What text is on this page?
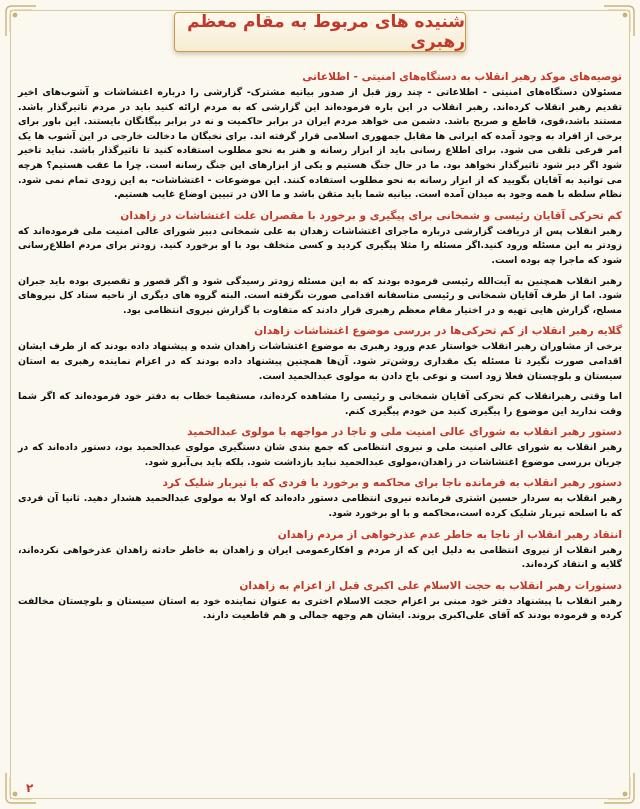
شنیده های مربوط به مقام معظم رهبری
توصیه‌های موکد رهبر انقلاب به دستگاه‌های امنیتی - اطلاعاتی
مسئولان دستگاه‌های امنیتی - اطلاعاتی - چند روز قبل از صدور بیانیه مشترک- گزارشی را درباره اغتشاشات و آشوب‌های اخیر تقدیم رهبر انقلاب کرده‌اند. رهبر انقلاب در این باره فرموده‌اند این گزارشی که به مردم ارائه کنید باید در مردم تاثیرگذار باشد. مستند باشد،قوی، قاطع و صریح باشد. دشمن می خواهد مردم ایران در برابر حاکمیت و نه در برابر بیگانگان بایستند. این باور برای برخی از افراد به وجود آمده که ایرانی ها مقابل جمهوری اسلامی قرار گرفته اند. برای نخبگان ما دخالت خارجی در این آشوب ها یک امر فرعی تلقی می شود. برای اطلاع رسانی باید از ابزار رسانه و هنر به نحو مطلوب استفاده کنید تا تاثیرگذار باشد. نباید تاخیر شود اگر دیر شود تاثیرگذار نخواهد بود. ما در حال جنگ هستیم و یکی از ابزارهای این جنگ رسانه است. چرا ما عقب هستیم؟ هرچه می توانید به آقایان بگویید که از ابزار رسانه به نحو مطلوب استفاده کنند. این موضوعات - اغتشاشات- به این زودی تمام نمی شود. نظام سلطه با همه وجود به میدان آمده است. بیانیه شما باید متقن باشد و ما الان در تبیین اوضاع غایب هستیم.
کم تحرکی آقایان رئیسی و شمخانی برای پیگیری و برخورد با مقصران علت اغتشاشات در زاهدان
رهبر انقلاب پس از دریافت گزارشی درباره ماجرای اغتشاشات زهدان به علی شمخانی دبیر شورای عالی امنیت ملی فرموده‌اند که زودتر به این مسئله ورود کنید.اگر مسئله را مثلا پیگیری کردید و کسی متخلف بود با او برخورد کنید. زودتر برای مردم اطلاع‌رسانی شود که ماجرا چه بوده است.
رهبر انقلاب همچنین به آیت‌الله رئیسی فرموده بودند که به این مسئله زودتر رسیدگی شود و اگر قصور و تقصیری بوده باید جبران شود. اما از طرف آقایان شمخانی و رئیسی متاسفانه اقدامی صورت نگرفته است. البته گروه های دیگری از ناحیه ستاد کل نیروهای مسلح، گزارش هایی تهیه و در اختیار مقام معظم رهبری قرار دادند که متفاوت با گزارش نیروی انتظامی بود.
گلایه رهبر انقلاب از کم تحرکی‌ها در بررسی موضوع اغتشاشات زاهدان
برخی از مشاوران رهبر انقلاب خواستار عدم ورود رهبری به موضوع اغتشاشات زاهدان شده و پیشنهاد داده بودند که از طرف ایشان اقدامی صورت نگیرد تا مسئله یک مقداری روشن‌تر شود. آن‌ها همچنین پیشنهاد داده بودند که در اعزام نماینده رهبری به استان سیستان و بلوچستان فعلا زود است و نوعی باج دادن به مولوی عبدالحمید است.
اما وقتی رهبرانقلاب کم تحرکی آقایان شمخانی و رئیسی را مشاهده کرده‌اند، مستقیما خطاب به دفتر خود فرموده‌اند که اگر شما وقت ندارید این موضوع را پیگیری کنید من خودم پیگیری کنم.
دستور رهبر انقلاب به شورای عالی امنیت ملی و ناجا در مواجهه با مولوی عبدالحمید
رهبر انقلاب به شورای عالی امنیت ملی و نیروی انتظامی که جمع بندی شان دستگیری مولوی عبدالحمید بود، دستور داده‌اند که در جریان بررسی موضوع اغتشاشات در زاهدان،مولوی عبدالحمید نباید بازداشت شود. بلکه باید بی‌آبرو شود.
دستور رهبر انقلاب به فرمانده ناجا برای محاکمه و برخورد با فردی که با تیربار شلیک کرد
رهبر انقلاب به سردار حسین اشتری فرمانده نیروی انتظامی دستور داده‌اند که اولا به مولوی عبدالحمید هشدار دهید. ثانیا آن فردی که با اسلحه تیربار شلیک کرده است،محاکمه و با او برخورد شود.
انتقاد رهبر انقلاب از ناجا به خاطر عدم عذرخواهی از مردم زاهدان
رهبر انقلاب از نیروی انتظامی به دلیل این که از مردم و افکارعمومی ایران و زاهدان به خاطر حادثه زاهدان عذرخواهی نکرده‌اند، گلایه و انتقاد کرده‌اند.
دستورات رهبر انقلاب به حجت الاسلام علی اکبری قبل از اعزام به زاهدان
رهبر انقلاب با پیشنهاد دفتر خود مبنی بر اعزام حجت الاسلام اختری به عنوان نماینده خود به استان سیستان و بلوچستان مخالفت کرده و فرموده بودند که آقای علی‌اکبری بروند. ایشان هم وجهه جمالی و هم قاطعیت دارند.
۲
